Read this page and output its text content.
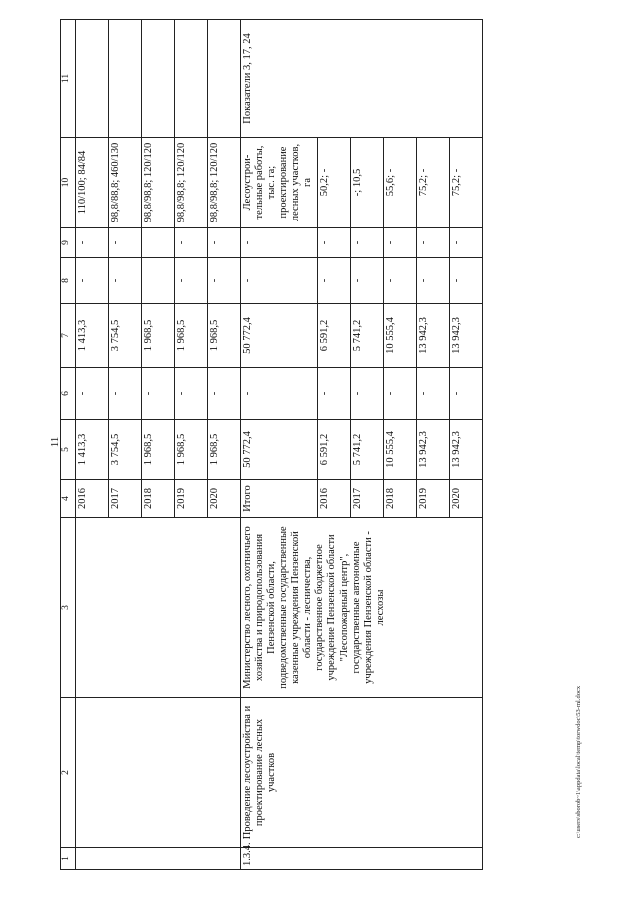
11
1	2	3	4	5	6	7	8	9	10	11
			2016	1 413,3	-	1 413,3	-	-	110/100; 84/84	
			2017	3 754,5	-	3 754,5	-	-	98,8/88,8; 460/130	
			2018	1 968,5	-	1 968,5			98,8/98,8; 120/120	
			2019	1 968,5	-	1 968,5	-	-	98,8/98,8; 120/120	
			2020	1 968,5	-	1 968,5	-	-	98,8/98,8; 120/120	
1.3.4.	Проведение лесоустройства и проектирование лесных участков	Министерство лесного, охотничьего хозяйства и природопользования Пензенской области, подведомственные государственные казенные учреждения Пензенской области - лесничества, государственное бюджетное учреждение Пензенской области "Лесопожарный центр", государственные автономные учреждения Пензенской области - лесхозы	Итого	50 772,4	-	50 772,4	-	-	Лесоустрои-тельные работы, тыс. га; проектирование лесных участков, га	Показатели 3, 17, 24
			2016	6 591,2	-	6 591,2	-	-	50,2; -	
			2017	5 741,2	-	5 741,2	-	-	-; 10,5	
			2018	10 555,4	-	10 555,4	-	-	55,6; -	
			2019	13 942,3	-	13 942,3	-	-	75,2; -	
			2020	13 942,3	-	13 942,3	-	-	75,2; -	
c:\users\sborob~1\appdata\local\temp\torwdoc\53-ml.docx
